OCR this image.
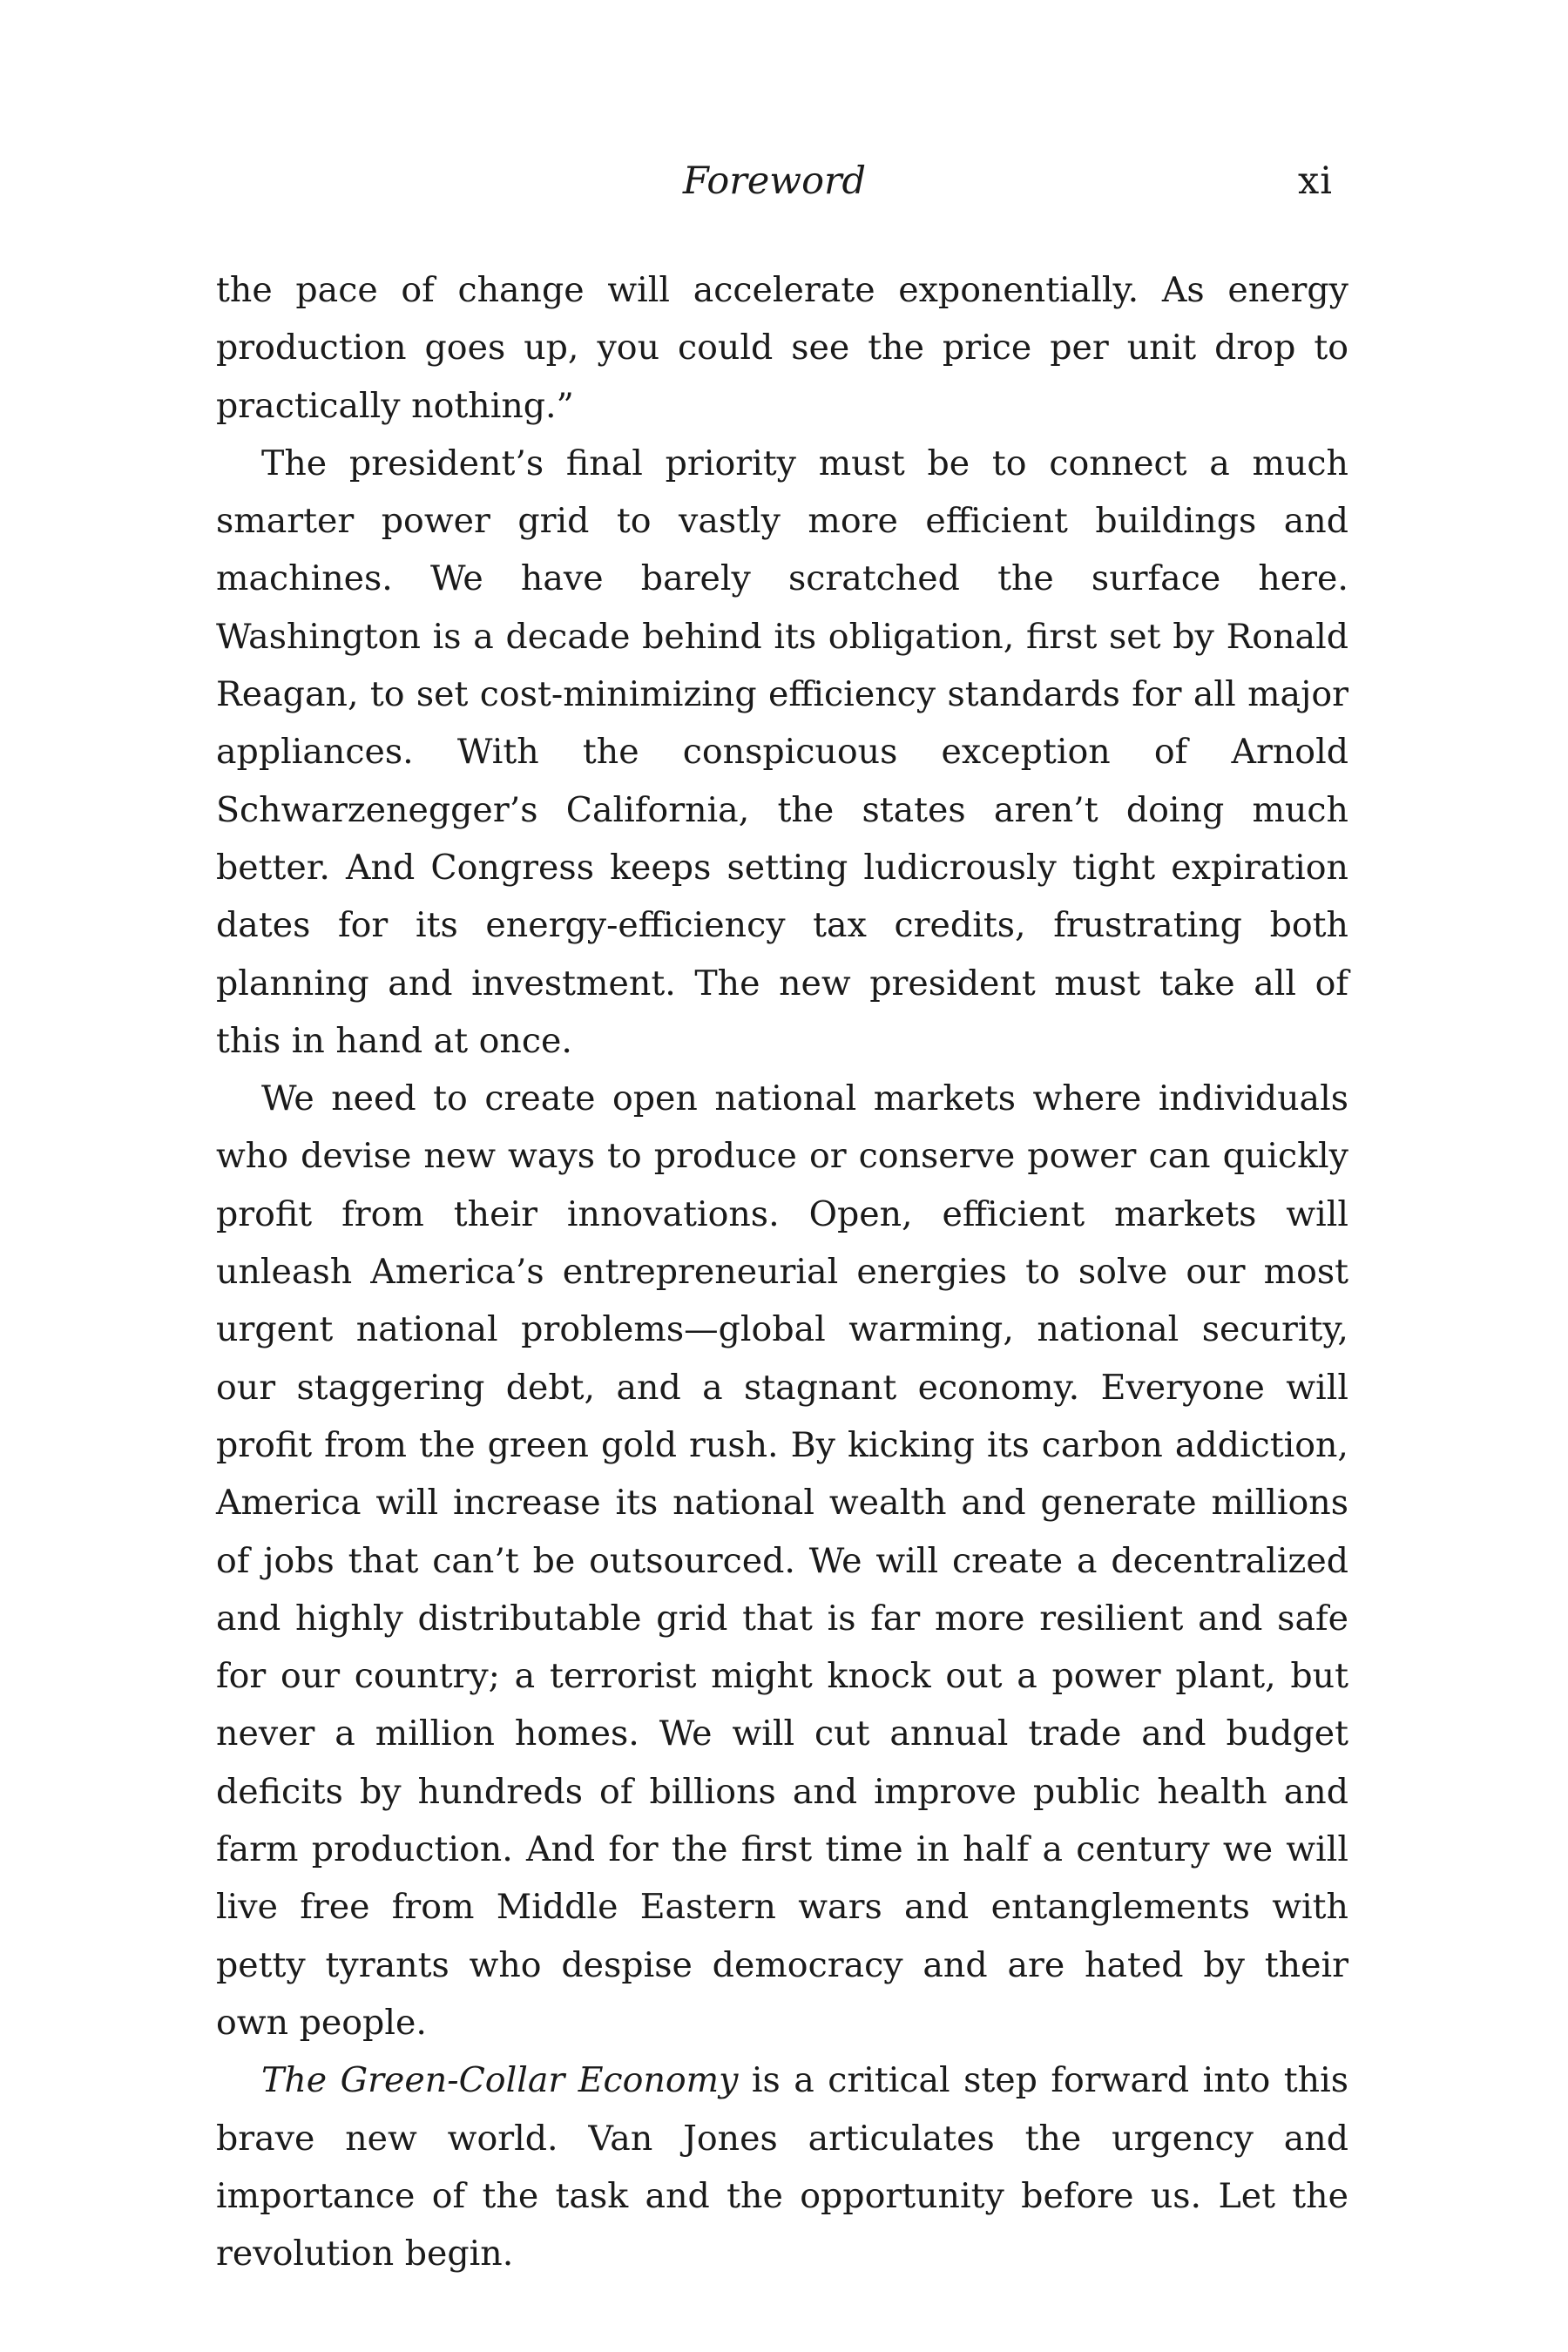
Foreword	xi

the pace of change will accelerate exponentially. As energy production goes up, you could see the price per unit drop to practically nothing.”

The president’s final priority must be to connect a much smarter power grid to vastly more efficient buildings and machines. We have barely scratched the surface here. Washington is a decade behind its obligation, first set by Ronald Reagan, to set cost-minimizing efficiency standards for all major appliances. With the conspicuous exception of Arnold Schwarzenegger’s California, the states aren’t doing much better. And Congress keeps setting ludicrously tight expiration dates for its energy-efficiency tax credits, frustrating both planning and investment. The new president must take all of this in hand at once.

We need to create open national markets where individuals who devise new ways to produce or conserve power can quickly profit from their innovations. Open, efficient markets will unleash America’s entrepreneurial energies to solve our most urgent national problems—global warming, national security, our staggering debt, and a stagnant economy. Everyone will profit from the green gold rush. By kicking its carbon addiction, America will increase its national wealth and generate millions of jobs that can’t be outsourced. We will create a decentralized and highly distributable grid that is far more resilient and safe for our country; a terrorist might knock out a power plant, but never a million homes. We will cut annual trade and budget deficits by hundreds of billions and improve public health and farm production. And for the first time in half a century we will live free from Middle Eastern wars and entanglements with petty tyrants who despise democracy and are hated by their own people.

The Green-Collar Economy is a critical step forward into this brave new world. Van Jones articulates the urgency and importance of the task and the opportunity before us. Let the revolution begin.
